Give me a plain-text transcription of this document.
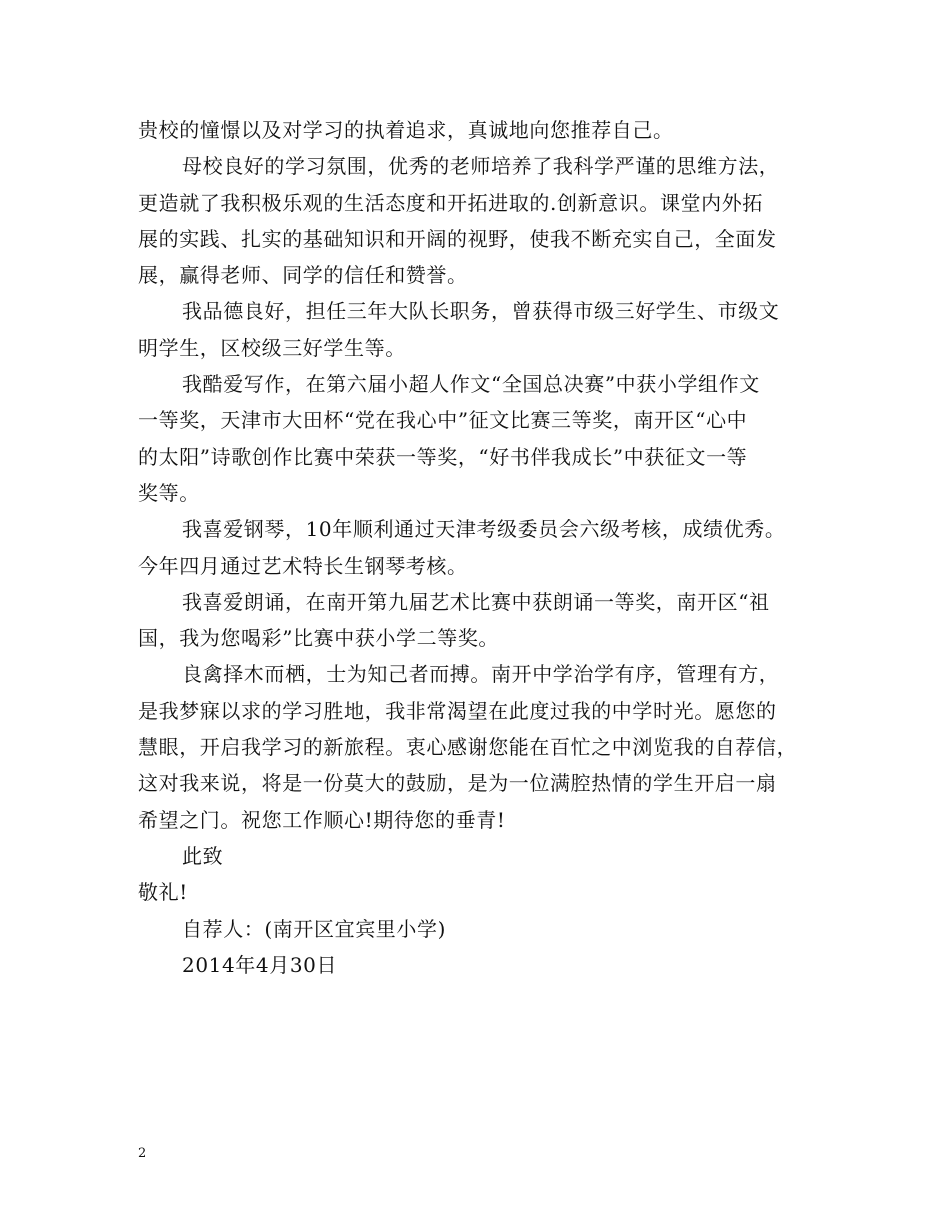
贵校的憧憬以及对学习的执着追求，真诚地向您推荐自己。
母校良好的学习氛围，优秀的老师培养了我科学严谨的思维方法，
更造就了我积极乐观的生活态度和开拓进取的.创新意识。课堂内外拓
展的实践、扎实的基础知识和开阔的视野，使我不断充实自己，全面发
展，赢得老师、同学的信任和赞誉。
我品德良好，担任三年大队长职务，曾获得市级三好学生、市级文
明学生，区校级三好学生等。
我酷爱写作，在第六届小超人作文“全国总决赛”中获小学组作文
一等奖，天津市大田杯“党在我心中”征文比赛三等奖，南开区“心中
的太阳”诗歌创作比赛中荣获一等奖，“好书伴我成长”中获征文一等
奖等。
我喜爱钢琴，10年顺利通过天津考级委员会六级考核，成绩优秀。
今年四月通过艺术特长生钢琴考核。
我喜爱朗诵，在南开第九届艺术比赛中获朗诵一等奖，南开区“祖
国，我为您喝彩”比赛中获小学二等奖。
良禽择木而栖，士为知己者而搏。南开中学治学有序，管理有方，
是我梦寐以求的学习胜地，我非常渴望在此度过我的中学时光。愿您的
慧眼，开启我学习的新旅程。衷心感谢您能在百忙之中浏览我的自荐信，
这对我来说，将是一份莫大的鼓励，是为一位满腔热情的学生开启一扇
希望之门。祝您工作顺心!期待您的垂青!
此致
敬礼!
自荐人：(南开区宜宾里小学)
2014年4月30日
2
